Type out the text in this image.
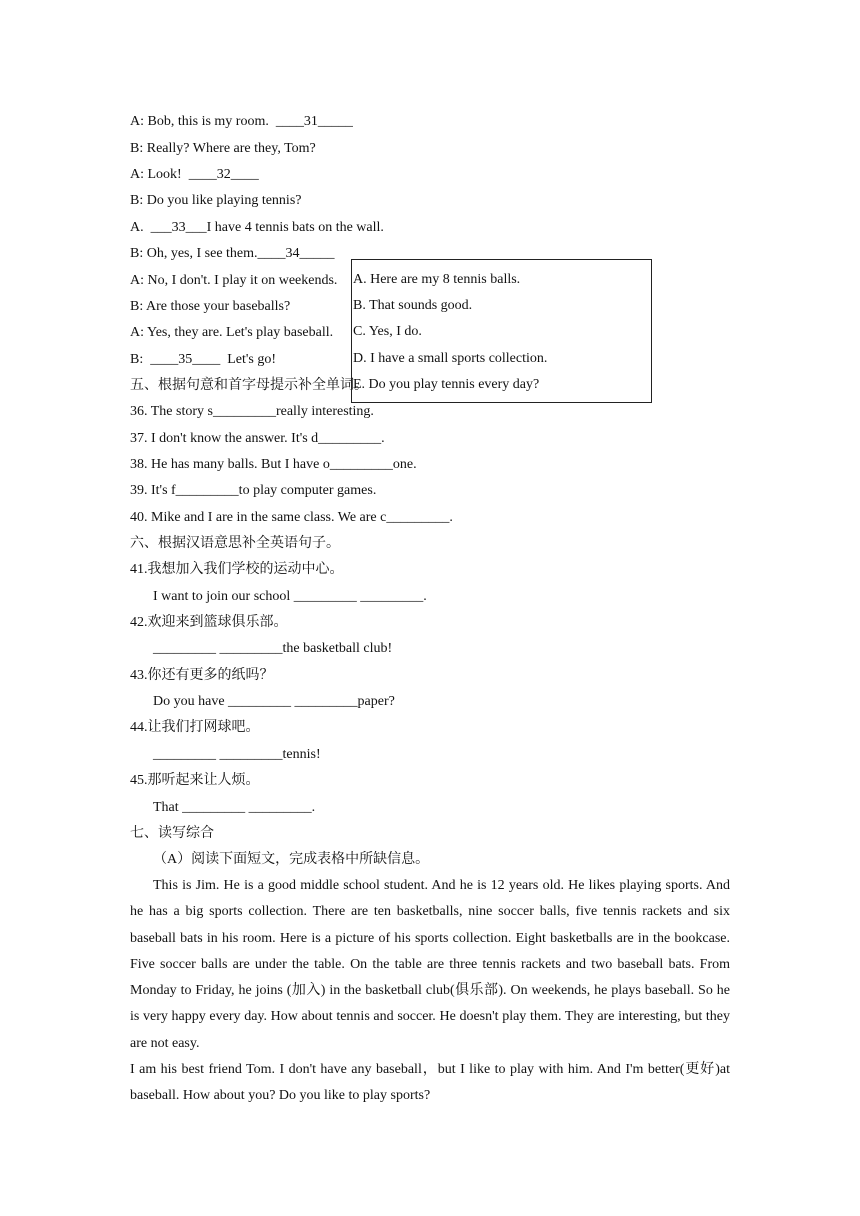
A: Bob, this is my room.  ____31_____
B: Really? Where are they, Tom?
A: Look!  ____32____
B: Do you like playing tennis?
A.  ___33___I have 4 tennis bats on the wall.
B: Oh, yes, I see them.____34_____
A: No, I don't. I play it on weekends.
B: Are those your baseballs?
A: Yes, they are. Let's play baseball.
B:  ____35____  Let's go!
五、根据句意和首字母提示补全单词。
A. Here are my 8 tennis balls.
B. That sounds good.
C. Yes, I do.
D. I have a small sports collection.
E. Do you play tennis every day?
36. The story s_________really interesting.
37. I don't know the answer. It's d_________.
38. He has many balls. But I have o_________one.
39. It's f_________to play computer games.
40. Mike and I are in the same class. We are c_________.
六、根据汉语意思补全英语句子。
41.我想加入我们学校的运动中心。
I want to join our school _________ _________.
42.欢迎来到篮球俱乐部。
_________ _________the basketball club!
43.你还有更多的纸吗？
Do you have _________ _________paper?
44.让我们打网球吧。
_________ _________tennis!
45.那听起来让人烦。
That _________ _________.
七、读写综合
（A）阅读下面短文，完成表格中所缺信息。

This is Jim. He is a good middle school student. And he is 12 years old. He likes playing sports. And he has a big sports collection. There are ten basketballs, nine soccer balls, five tennis rackets and six baseball bats in his room. Here is a picture of his sports collection. Eight basketballs are in the bookcase. Five soccer balls are under the table. On the table are three tennis rackets and two baseball bats. From Monday to Friday, he joins (加入) in the basketball club(俱乐部). On weekends, he plays baseball. So he is very happy every day. How about tennis and soccer. He doesn't play them. They are interesting, but they are not easy.

I am his best friend Tom. I don't have any baseball，but I like to play with him. And I'm better(更好)at baseball. How about you? Do you like to play sports?
